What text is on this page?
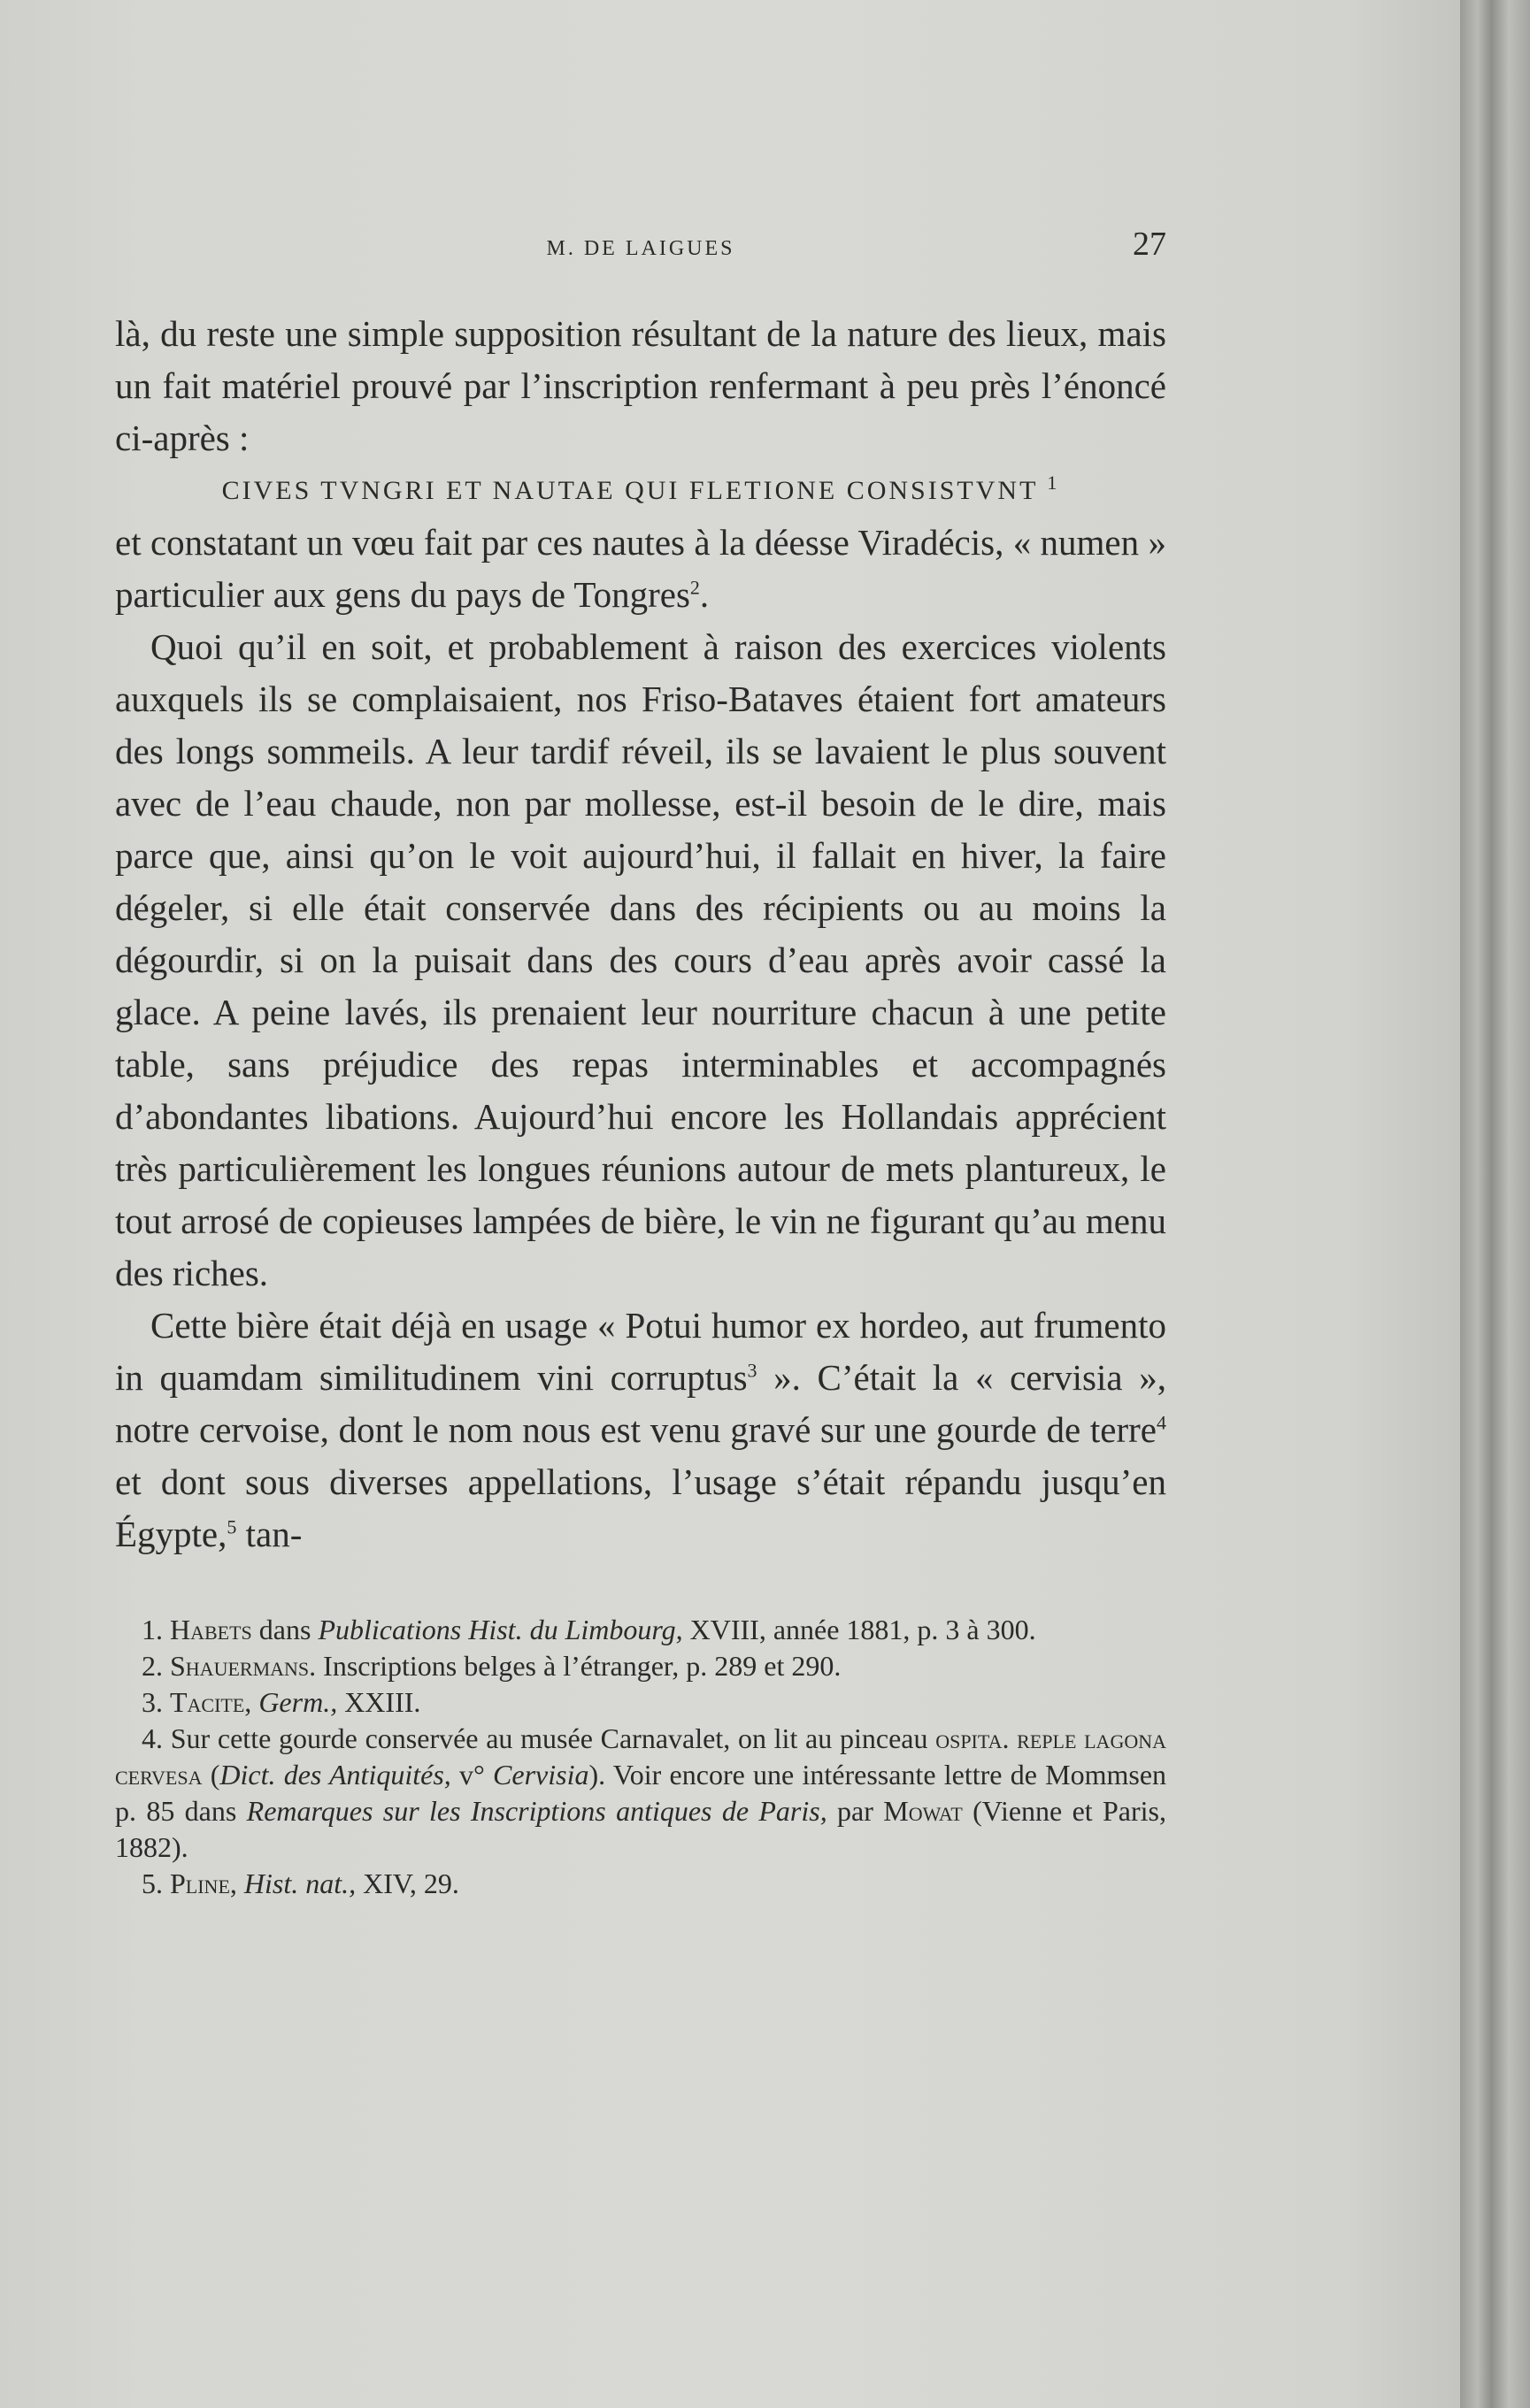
M. DE LAIGUES	27

là, du reste une simple supposition résultant de la nature des lieux, mais un fait matériel prouvé par l’inscription renfermant à peu près l’énoncé ci-après :

CIVES TVNGRI ET NAUTAE QUI FLETIONE CONSISTVNT $^1$

et constatant un vœu fait par ces nautes à la déesse Viradécis, « numen » particulier aux gens du pays de Tongres$^2$.

Quoi qu’il en soit, et probablement à raison des exercices violents auxquels ils se complaisaient, nos Friso-Bataves étaient fort amateurs des longs sommeils. A leur tardif réveil, ils se lavaient le plus souvent avec de l’eau chaude, non par mollesse, est-il besoin de le dire, mais parce que, ainsi qu’on le voit aujourd’hui, il fallait en hiver, la faire dégeler, si elle était conservée dans des récipients ou au moins la dégourdir, si on la puisait dans des cours d’eau après avoir cassé la glace. A peine lavés, ils prenaient leur nourriture chacun à une petite table, sans préjudice des repas interminables et accompagnés d’abondantes libations. Aujourd’hui encore les Hollandais apprécient très particulièrement les longues réunions autour de mets plantureux, le tout arrosé de copieuses lampées de bière, le vin ne figurant qu’au menu des riches.

Cette bière était déjà en usage « Potui humor ex hordeo, aut frumento in quamdam similitudinem vini corruptus$^3$ ». C’était la « cervisia », notre cervoise, dont le nom nous est venu gravé sur une gourde de terre$^4$ et dont sous diverses appellations, l’usage s’était répandu jusqu’en Égypte,$^5$ tan-

1. Habets dans Publications Hist. du Limbourg, XVIII, année 1881, p. 3 à 300.

2. Shauermans. Inscriptions belges à l’étranger, p. 289 et 290.

3. Tacite, Germ., XXIII.

4. Sur cette gourde conservée au musée Carnavalet, on lit au pinceau ospita. reple lagona cervesa (Dict. des Antiquités, v° Cervisia). Voir encore une intéressante lettre de Mommsen p. 85 dans Remarques sur les Inscriptions antiques de Paris, par Mowat (Vienne et Paris, 1882).

5. Pline, Hist. nat., XIV, 29.
